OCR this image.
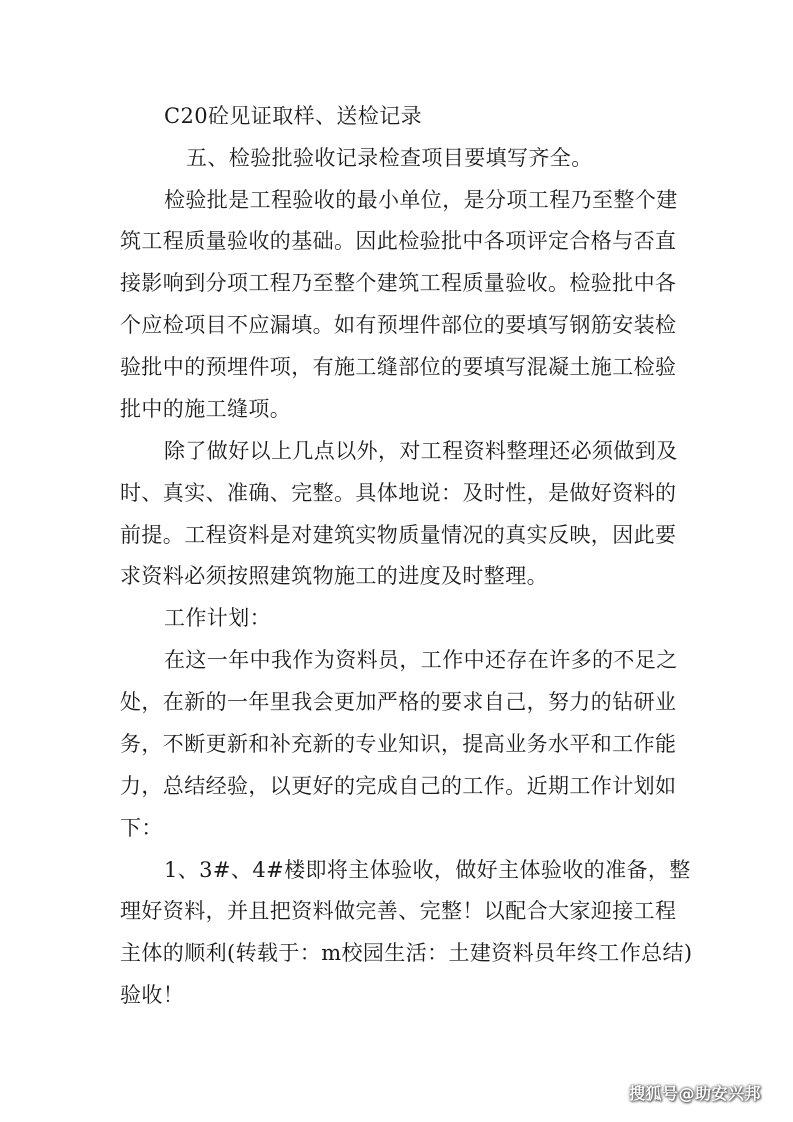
C20砼见证取样、送检记录
五、检验批验收记录检查项目要填写齐全。
检验批是工程验收的最小单位，是分项工程乃至整个建
筑工程质量验收的基础。因此检验批中各项评定合格与否直
接影响到分项工程乃至整个建筑工程质量验收。检验批中各
个应检项目不应漏填。如有预埋件部位的要填写钢筋安装检
验批中的预埋件项，有施工缝部位的要填写混凝土施工检验
批中的施工缝项。
除了做好以上几点以外，对工程资料整理还必须做到及
时、真实、准确、完整。具体地说：及时性，是做好资料的
前提。工程资料是对建筑实物质量情况的真实反映，因此要
求资料必须按照建筑物施工的进度及时整理。
工作计划：
在这一年中我作为资料员，工作中还存在许多的不足之
处，在新的一年里我会更加严格的要求自己，努力的钻研业
务，不断更新和补充新的专业知识，提高业务水平和工作能
力，总结经验，以更好的完成自己的工作。近期工作计划如
下：
1、3#、4#楼即将主体验收，做好主体验收的准备，整
理好资料，并且把资料做完善、完整！以配合大家迎接工程
主体的顺利(转载于：m校园生活：土建资料员年终工作总结)
验收！
搜狐号@助安兴邦
